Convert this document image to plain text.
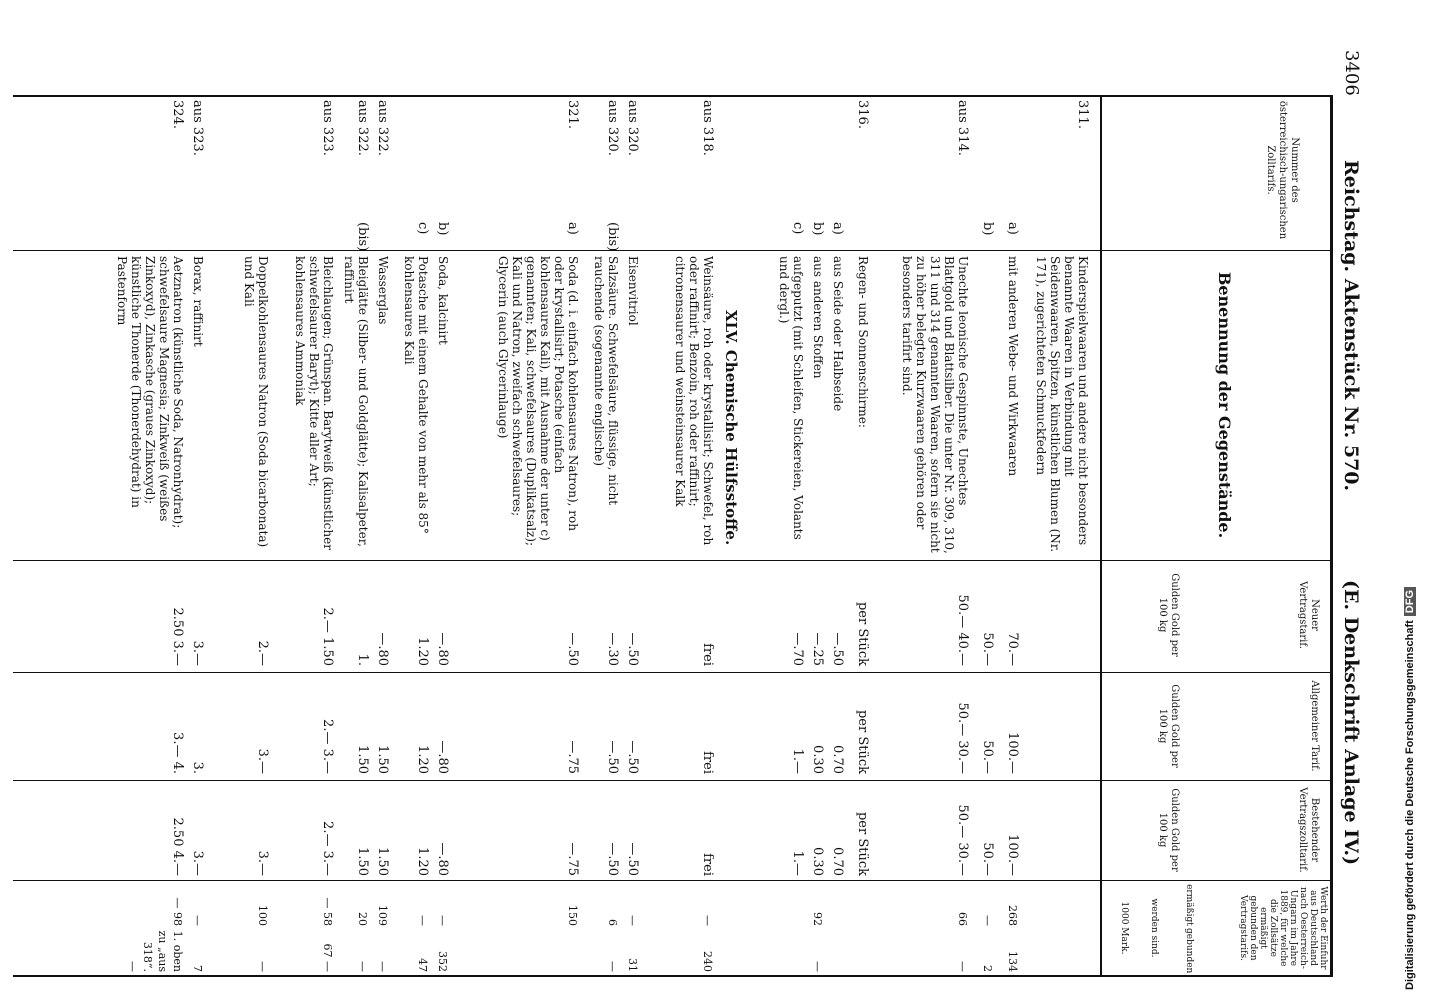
3406
Reichstag. Aktenstück Nr. 570.
(E. Denkschrift Anlage IV.)
Nummer des österreichisch-ungarischen Zolltarifs.
Benennung der Gegenstände.
Neuer Vertragstarif.
Gulden Gold per 100 kg
Allgemeiner Tarif.
Gulden Gold per 100 kg
Bestehender Vertragszolltarif.
Gulden Gold per 100 kg
Werth der Einfuhr aus Deutschland nach Oesterreich-Ungarn im Jahre 1889, für welche die Zollsätze ermäßigt gebunden den Vertragstarifs.
ermäßigt
gebunden
werden sind.
1000 Mark.
XLV. Chemische Hülfsstoffe.
311.
Kinderspielwaaren und andere nicht besonders benannte Waaren in Verbindung mit Seidenwaaren, Spitzen, künstlichen Blumen (Nr. 171), zugerichteten Schmuckfedern
a)
mit anderen Webe- und Wirkwaaren
70.—
100.—
100.—
268
134
b)
50.—
50.—
50.—
—
2
aus 314.
Unechte leonische Gespinnste, Unechtes Blattgold und Blattsilber. Die unter Nr. 309, 310, 311 und 314 genannten Waaren, sofern sie nicht zu höher belegten Kurzwaaren gehören oder besonders tarifirt sind.
50.— 40.—
50.— 30.—
50.— 30.—
66
—
316.
Regen- und Sonnenschirme:
per Stück
per Stück
per Stück
a)
aus Seide oder Halbseide
—.50
0.70
0.70
b)
aus anderen Stoffen
—.25
0.30
0.30
92
—
c)
aufgeputzt (mit Schleifen, Stickereien, Volants und dergl.)
—.70
1.—
1.—
aus 318.
Weinsäure, roh oder krystallisirt; Schwefel, roh oder raffinirt; Benzoin, roh oder raffinirt; citronensaurer und weinsteinsaurer Kalk
frei
frei
frei
—
240
aus 320.
Eisenvitriol
—.50
—.50
—.50
—
31
aus 320.
(bis)
Salzsäure. Schwefelsäure, flüssige, nicht rauchende (sogenannte englische)
—.30
—.50
—.50
6
—
321.
a)
Soda (d. i. einfach kohlensaures Natron), roh oder krystallisirt; Potasche (einfach kohlensaures Kali), mit Ausnahme der unter c) genannten; Kali, schwefelsaures (Duplikatsalz); Kali und Natron, zweifach schwefelsaures; Glycerin (auch Glycerinlauge)
—.50
—.75
—.75
150
b)
Soda, kalcinirt
—.80
—.80
—.80
—
352
c)
Potasche mit einem Gehalte von mehr als 85° kohlensaures Kali
1.20
1.20
1.20
—
47
aus 322.
Wasserglas
—.80
1.50
1.50
109
—
aus 322.
(bis)
Bleiglätte (Silber- und Goldglätte); Kalisalpeter, raffinirt
1.
1.50
1.50
20
—
aus 323.
Bleichlaugen; Grünspan. Barytweiß (künstlicher schwefelsaurer Baryt); Kitte aller Art; kohlensaures Ammoniak
2.— 1.50
2.— 3.—
2.— 3.—
— 58
67 —
Doppelkohlensaures Natron (Soda bicarbonata) und Kali
2.—
3.—
3.—
100
—
aus 323.
Borax, raffinirt
3.—
3.
3.—
—
7
324.
Aetznatron (künstliche Soda, Natronhydrat); schwefelsaure Magnesia; Zinkweiß (weißes Zinkoxyd), Zinkasche (graues Zinkoxyd); künstliche Thonerde (Thonerdehydrat) in Pastenform
2.50 3.—
3.— 4.
2.50 4.—
— 98
1. oben zu „aus 318“. —	Digitalisierung gefördert durch die Deutsche ForschungsgemeinschaftDFG
